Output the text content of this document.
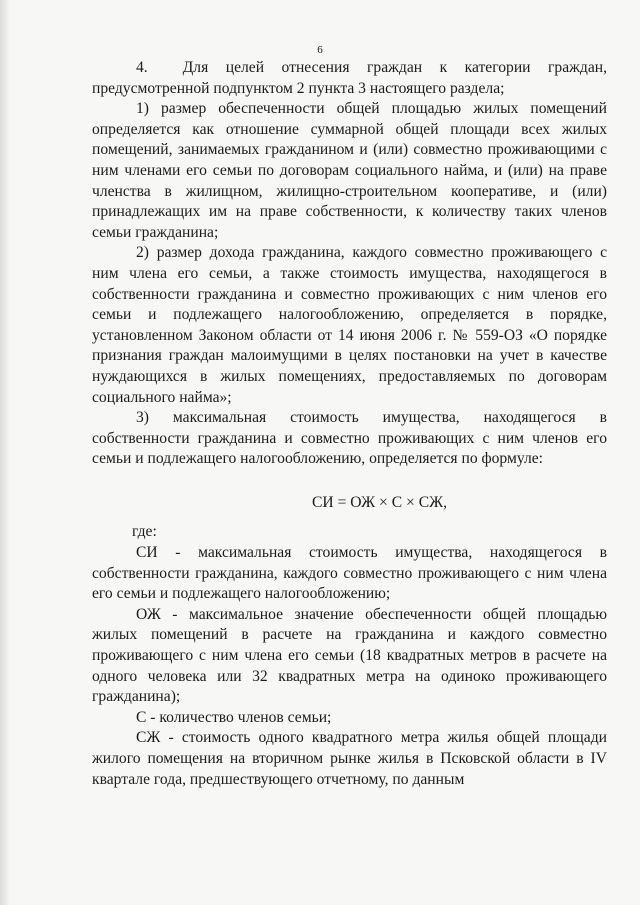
6

4.  Для целей отнесения граждан к категории граждан, предусмотренной подпунктом 2 пункта 3 настоящего раздела;

1) размер обеспеченности общей площадью жилых помещений определяется как отношение суммарной общей площади всех жилых помещений, занимаемых гражданином и (или) совместно проживающими с ним членами его семьи по договорам социального найма, и (или) на праве членства в жилищном, жилищно-строительном кооперативе, и (или) принадлежащих им на праве собственности, к количеству таких членов семьи гражданина;

2) размер дохода гражданина, каждого совместно проживающего с ним члена его семьи, а также стоимость имущества, находящегося в собственности гражданина и совместно проживающих с ним членов его семьи и подлежащего налогообложению, определяется в порядке, установленном Законом области от 14 июня 2006 г. № 559-ОЗ «О порядке признания граждан малоимущими в целях постановки на учет в качестве нуждающихся в жилых помещениях, предоставляемых по договорам социального найма»;

3) максимальная стоимость имущества, находящегося в собственности гражданина и совместно проживающих с ним членов его семьи и подлежащего налогообложению, определяется по формуле:

СИ = ОЖ × С × СЖ,

где:

СИ - максимальная стоимость имущества, находящегося в собственности гражданина, каждого совместно проживающего с ним члена его семьи и подлежащего налогообложению;

ОЖ - максимальное значение обеспеченности общей площадью жилых помещений в расчете на гражданина и каждого совместно проживающего с ним члена его семьи (18 квадратных метров в расчете на одного человека или 32 квадратных метра на одиноко проживающего гражданина);

С - количество членов семьи;

СЖ - стоимость одного квадратного метра жилья общей площади жилого помещения на вторичном рынке жилья в Псковской области в IV квартале года, предшествующего отчетному, по данным
